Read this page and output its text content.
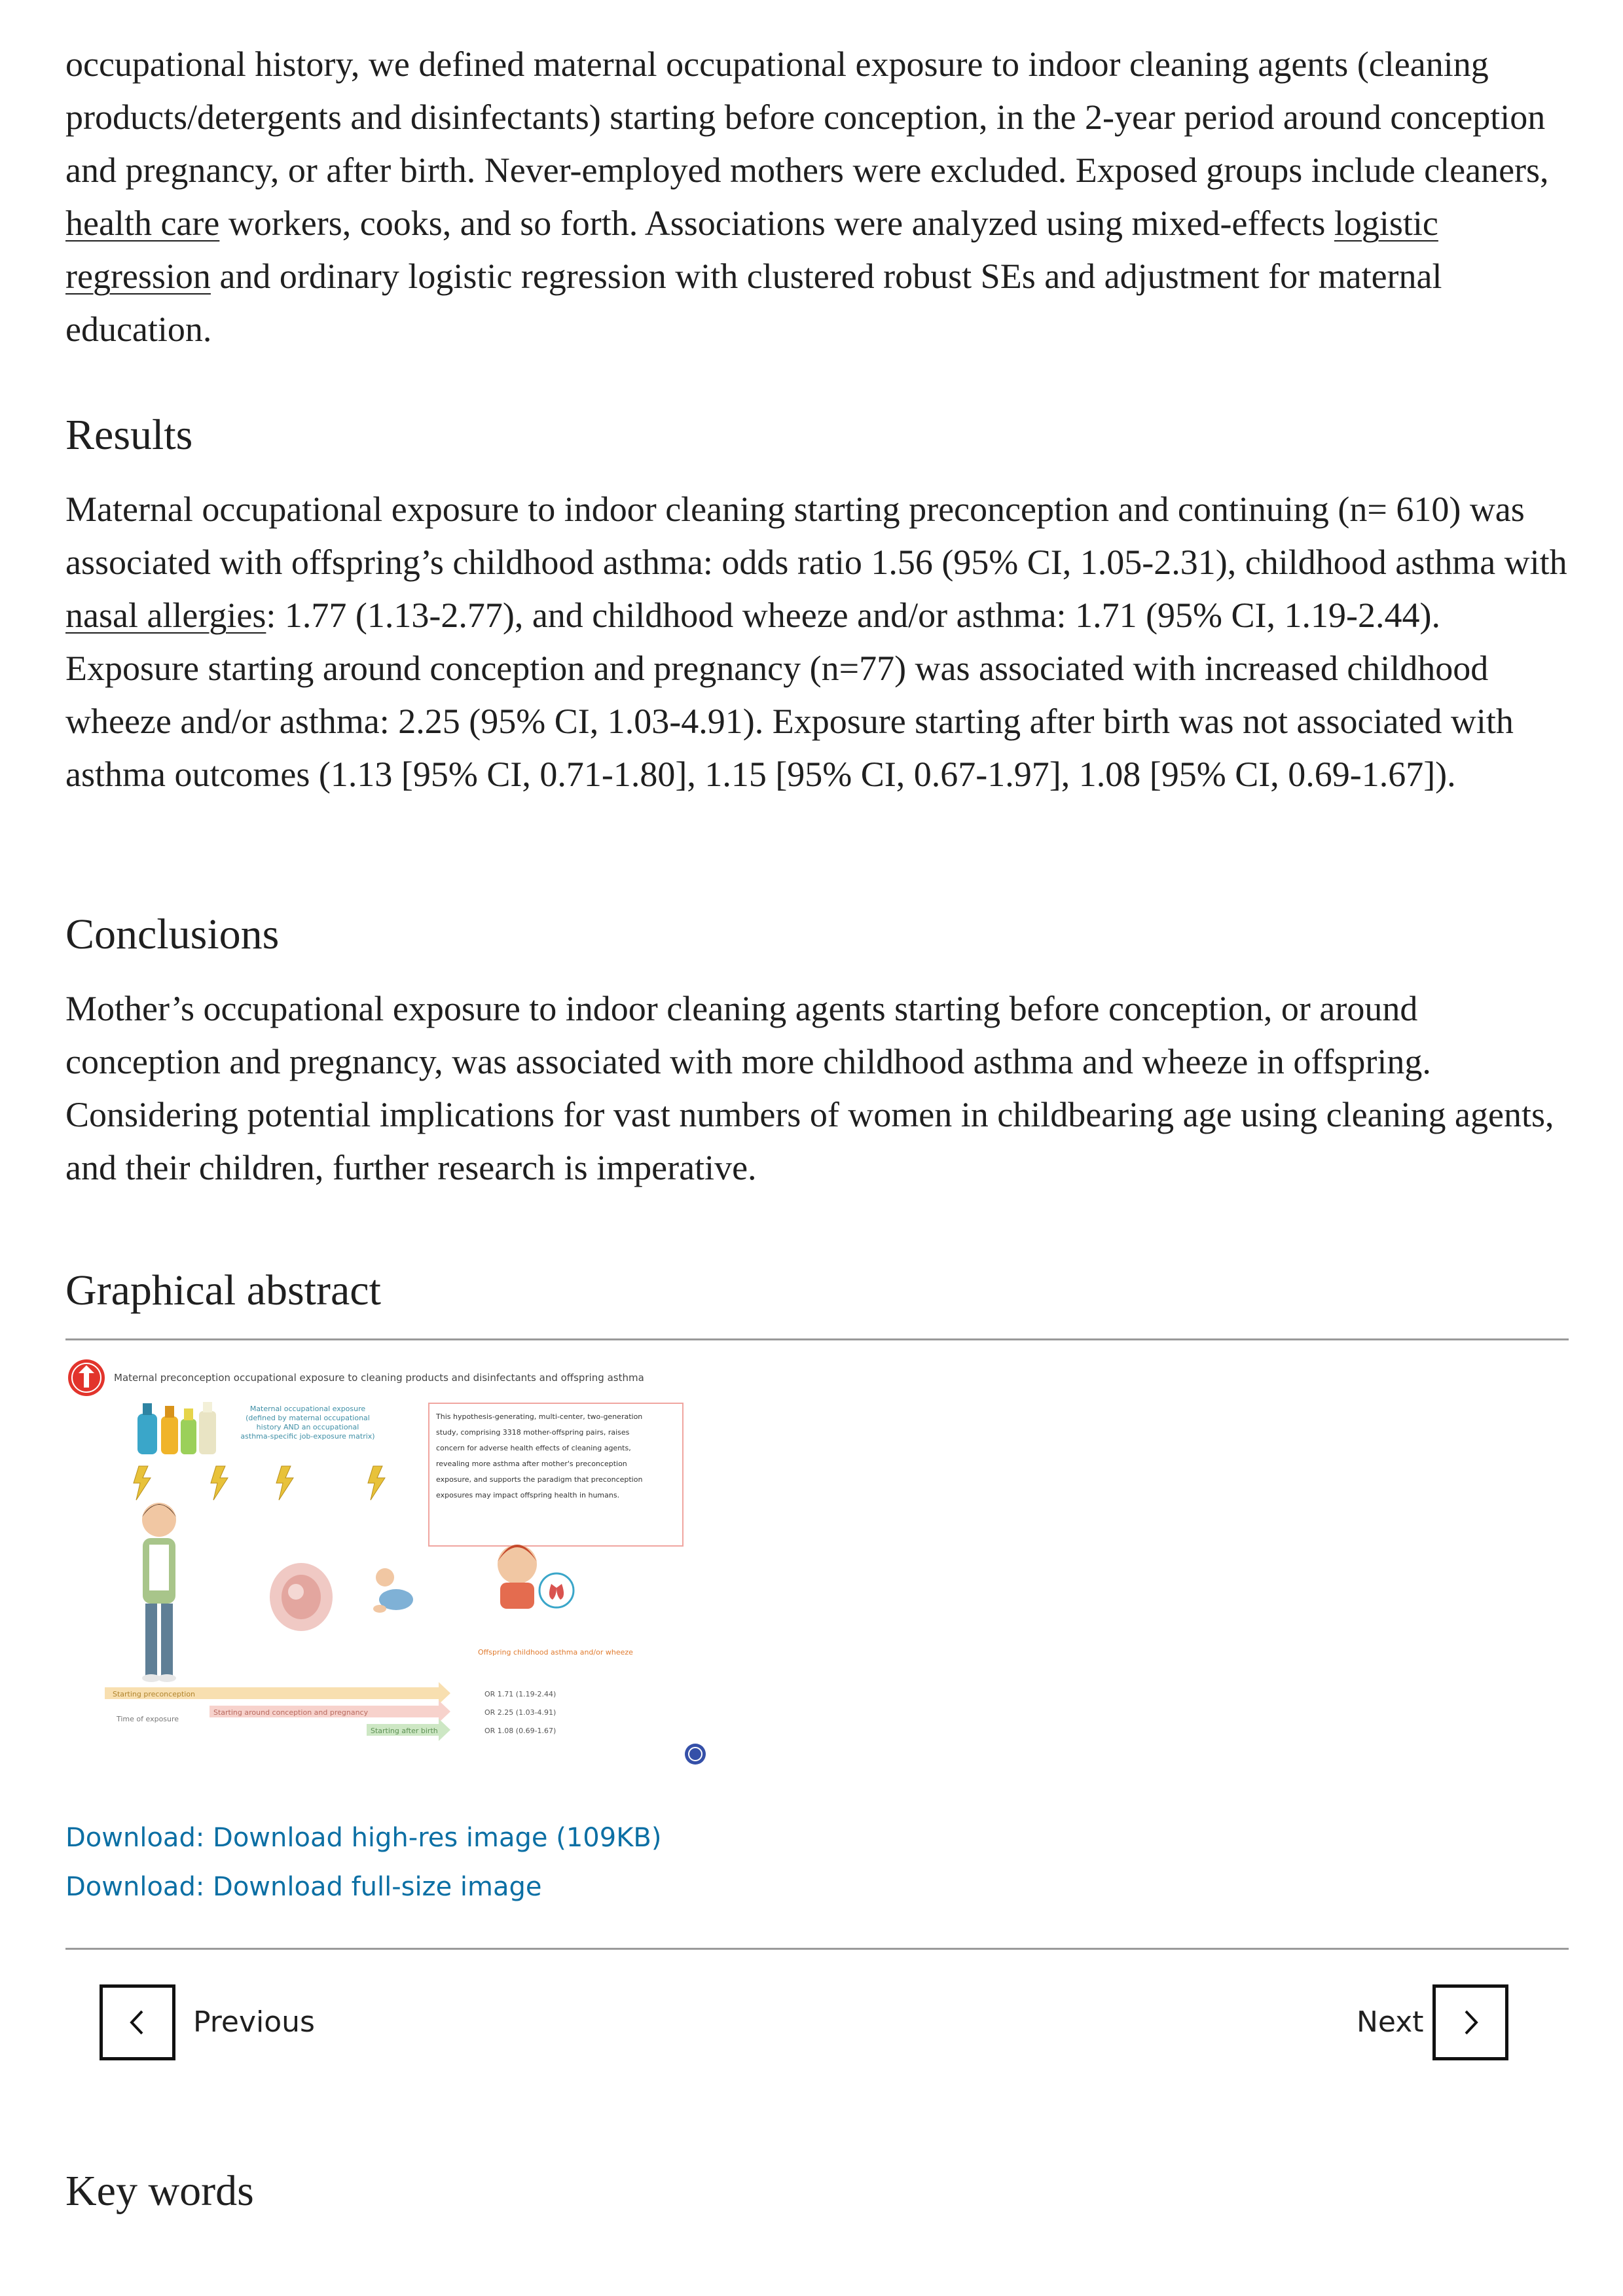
occupational history, we defined maternal occupational exposure to indoor cleaning agents (cleaning products/detergents and disinfectants) starting before conception, in the 2-year period around conception and pregnancy, or after birth. Never-employed mothers were excluded. Exposed groups include cleaners, health care workers, cooks, and so forth. Associations were analyzed using mixed-effects logistic regression and ordinary logistic regression with clustered robust SEs and adjustment for maternal education.

Results

Maternal occupational exposure to indoor cleaning starting preconception and continuing (n= 610) was associated with offspring’s childhood asthma: odds ratio 1.56 (95% CI, 1.05-2.31), childhood asthma with nasal allergies: 1.77 (1.13-2.77), and childhood wheeze and/or asthma: 1.71 (95% CI, 1.19-2.44). Exposure starting around conception and pregnancy (n=77) was associated with increased childhood wheeze and/or asthma: 2.25 (95% CI, 1.03-4.91). Exposure starting after birth was not associated with asthma outcomes (1.13 [95% CI, 0.71-1.80], 1.15 [95% CI, 0.67-1.97], 1.08 [95% CI, 0.69-1.67]).

Conclusions

Mother’s occupational exposure to indoor cleaning agents starting before conception, or around conception and pregnancy, was associated with more childhood asthma and wheeze in offspring. Considering potential implications for vast numbers of women in childbearing age using cleaning agents, and their children, further research is imperative.

Graphical abstract
Maternal preconception occupational exposure to cleaning products and disinfectants and offspring asthma
Maternal occupational exposure
(defined by maternal occupational
history AND an occupational
asthma-specific job-exposure matrix)
This hypothesis-generating, multi-center, two-generation
study, comprising 3318 mother-offspring pairs, raises
concern for adverse health effects of cleaning agents,
revealing more asthma after mother's preconception
exposure, and supports the paradigm that preconception
exposures may impact offspring health in humans.
Offspring childhood asthma and/or wheeze
Starting preconception
Starting around conception and pregnancy
Starting after birth
Time of exposure
OR 1.71 (1.19-2.44)
OR 2.25 (1.03-4.91)
OR 1.08 (0.69-1.67)
Download: Download high-res image (109KB)
Download: Download full-size image
Previous	Next
Key words
